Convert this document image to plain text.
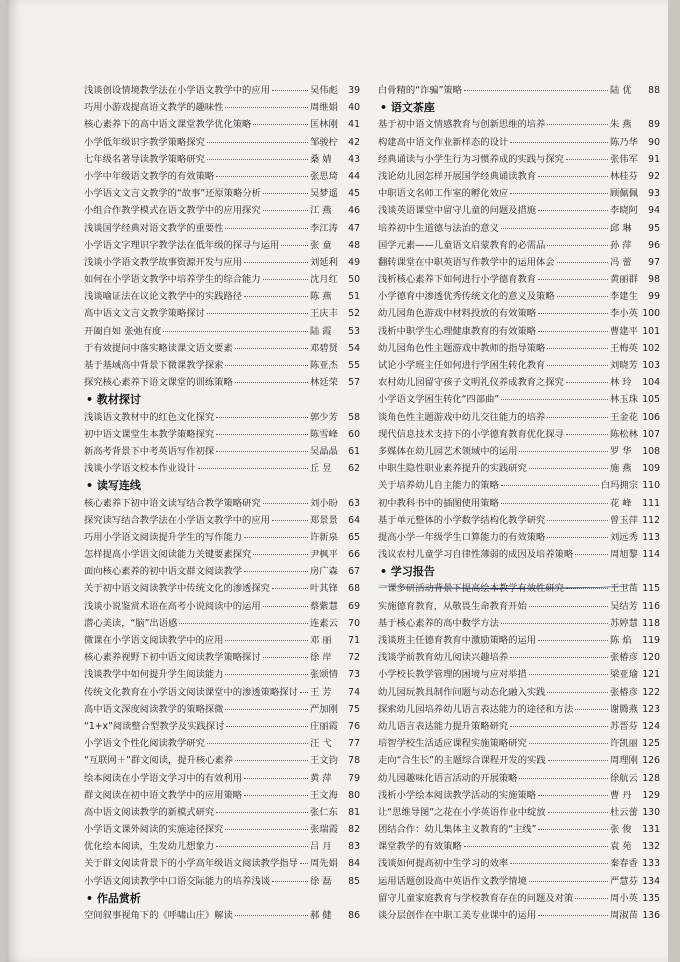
浅谈创设情境教学法在小学语文教学中的应用	吴伟彪	39
巧用小游戏提高语文教学的趣味性	周维娟	40
核心素养下的高中语文课堂教学优化策略	匡林刚	41
小学低年级识字教学策略探究	邹骏柠	42
七年级名著导读教学策略研究	桑 婧	43
小学中年级语文教学的有效策略	张思琦	44
小学语文文言文教学的“故事”还原策略分析	吴梦遥	45
小组合作教学模式在语文教学中的应用探究	江 燕	46
浅谈国学经典对语文教学的重要性	李江涛	47
小学语文字理识字教学法在低年级的探寻与运用	张 童	48
浅谈小学语文教学故事资源开发与应用	刘延利	49
如何在小学语文教学中培养学生的综合能力	沈月红	50
浅谈喻证法在议论文教学中的实践路径	陈 燕	51
高中语文文言文教学策略探讨	王庆丰	52
开阖自如 张弛有度	陆 霞	53
于有效提问中落实略读课文语文要素	邓碧贤	54
基于基域高中背景下微课教学探索	陈亚杰	55
探究核心素养下语文课堂的训练策略	林廷荣	57
• 教材探讨
浅谈语文教材中的红色文化探究	郭少芳	58
初中语文课堂生本教学策略探究	陈雪峰	60
新高考背景下中考英语写作初探	吴晶晶	61
浅谈小学语文校本作业设计	丘 昱	62
• 读写连线
核心素养下初中语文读写结合教学策略研究	刘小盼	63
探究读写结合教学法在小学语文教学中的应用	郑景景	64
巧用小学语文阅读提升学生的写作能力	许新泉	65
怎样提高小学语文阅读能力关键要素探究	尹枫平	66
面向核心素养的初中语文群文阅读教学	房广森	67
关于初中语文阅读教学中传统文化的渗透探究	叶其锋	68
浅谈小说鉴赏术语在高考小说阅读中的运用	蔡紫慧	69
潜心美读，“脑”出语感	连素云	70
微课在小学语文阅读教学中的应用	邓 丽	71
核心素养视野下初中语文阅读教学策略探讨	徐 岸	72
浅谈教学中如何提升学生阅读能力	张颂情	73
传统文化教育在小学语文阅读课堂中的渗透策略探讨 王 芳	74
高中语文深度阅读教学的策略探微	严加刚	75
“1+x”阅读整合型教学及实践探讨	庄丽霞	76
小学语文个性化阅读教学研究	汪 弋	77
“互联网＋”群文阅读，提升核心素养	王文钧	78
绘本阅读在小学语文学习中的有效利用	黄 萍	79
群文阅读在初中语文教学中的应用策略	王文海	80
高中语文阅读教学的新模式研究	张仁东	81
小学语文课外阅读的实施途径探究	张瑞霞	82
优化绘本阅读，生发幼儿想象力	吕 月	83
关于群文阅读背景下的小学高年级语文阅读教学指导 周先娟	84
小学语文阅读教学中口语交际能力的培养浅谈	徐 磊	85
• 作品赏析
空间叙事视角下的《呼啸山庄》解读	郝 健	86
白骨精的“诈骗”策略	陆 优	88
• 语文茶座
基于初中语文情感教育与创新思维的培养	朱 燕	89
构建高中语文作业新样态的设计	陈乃华	90
经典诵读与小学生行为习惯养成的实践与探究	张伟军	91
浅论幼儿园怎样开展国学经典诵读教育	林桂芬	92
中职语文名师工作室的孵化效应	顾佩佩	93
浅谈英语课堂中留守儿童的问题及措施	李晓阿	94
培养初中生道德与法治的意义	邱 琳	95
国学元素——儿童语文启蒙教育的必需品	孙 萍	96
翻转课堂在中职英语写作教学中的运用体会	冯 蕾	97
浅析核心素养下如何进行小学德育教育	黄丽群	98
小学德育中渗透优秀传统文化的意义及策略	李建生	99
幼儿园角色游戏中材料投放的有效策略	李小英 100
浅析中职学生心理健康教育的有效策略	曹建平 101
幼儿园角色性主题游戏中教师的指导策略	王梅英 102
试论小学班主任如何进行学困生转化教育	刘晓芳 103
农村幼儿园留守孩子文明礼仪养成教育之探究	林 玲	104
小学语文学困生转化“四部曲”	林玉珠 105
谈角色性主题游戏中幼儿交往能力的培养	王金花 106
现代信息技术支持下的小学德育教育优化探寻	陈松林 107
多媒体在幼儿园艺术领域中的运用	罗 华	108
中职生隐性职业素养提升的实践研究	施 燕	109
关于培养幼儿自主能力的策略	白玛拥宗 110
初中教科书中的插图使用策略	花 峰	111
基于单元整体的小学数学结构化教学研究	曾玉萍 112
提高小学一年级学生口算能力的有效策略	刘远秀 113
浅议农村儿童学习自律性薄弱的成因及培养策略	周旭黎 114
• 学习报告
一课多研活动背景下提高绘本教学有效性研究	王卫苗 115
实施德育教育，从敬畏生命教育开始	吴结芳 116
基于核心素养的高中数学方法	苏婷慧 118
浅谈班主任德育教育中激励策略的运用	陈 焰	119
浅谈学前教育幼儿阅读兴趣培养	张椿彦 120
小学校长教学管理的困境与应对举措	梁亚瑜 121
幼儿园玩教具制作问题与动态化融入实践	张椿彦 122
探索幼儿园培养幼儿语言表达能力的途径和方法	谢腾燕 123
幼儿语言表达能力提升策略研究	苏晋芬 124
培智学校生活适应课程实施策略研究	许凯丽 125
走向“合生长”的主题综合课程开发的实践	周理刚 126
幼儿园趣味化语言活动的开展策略	徐航云 128
浅析小学绘本阅读教学活动的实施策略	曹 丹	129
让“思维导图”之花在小学英语作业中绽放	杜云蕾 130
团结合作：幼儿集体主义教育的“主线”	张 俊	131
课堂教学的有效策略	袁 苑	132
浅谈如何提高初中生学习的效率	秦春香 133
运用话题创设高中英语作文教学情境	严慧芬 134
留守儿童家庭教育与学校教育存在的问题及对策	周小英 135
谈分层创作在中职工美专业课中的运用	周淑苗 136
